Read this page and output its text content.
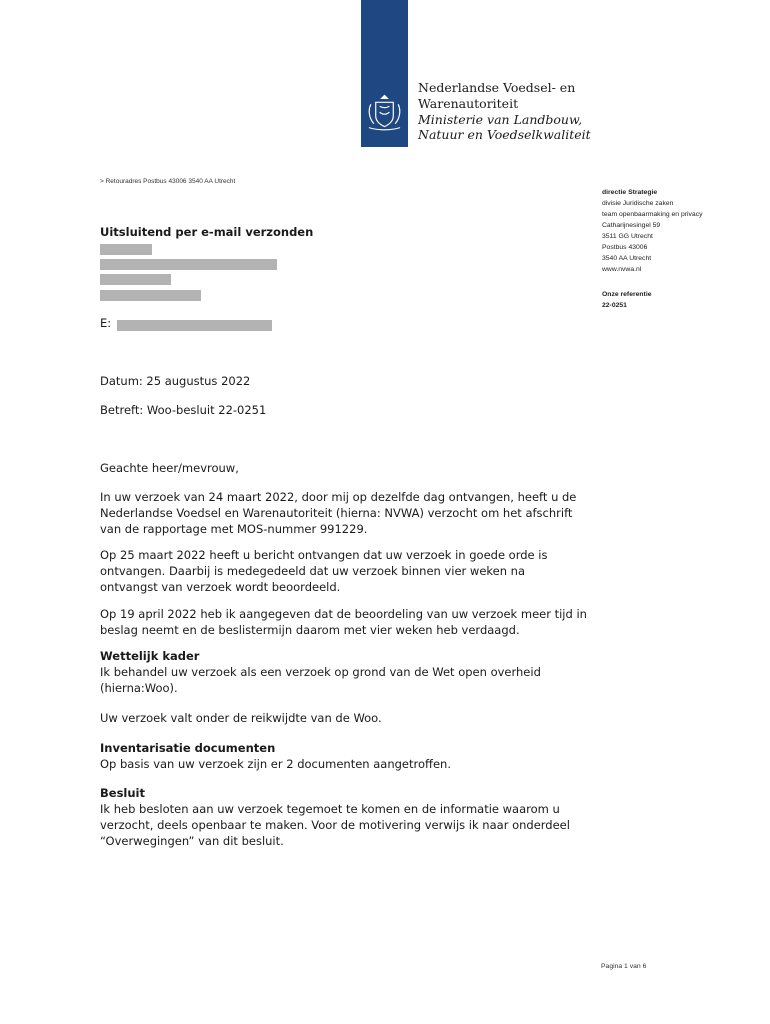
Nederlandse Voedsel- en
Warenautoriteit
Ministerie van Landbouw,
Natuur en Voedselkwaliteit
> Retouradres Postbus 43006 3540 AA Utrecht
directie Strategie
divisie Juridische zaken
team openbaarmaking en privacy
Catharijnesingel 59
3511 GG Utrecht
Postbus 43006
3540 AA Utrecht
www.nvwa.nl
Onze referentie
22-0251
Uitsluitend per e-mail verzonden
E:
Datum: 25 augustus 2022
Betreft: Woo-besluit 22-0251
Geachte heer/mevrouw,
In uw verzoek van 24 maart 2022, door mij op dezelfde dag ontvangen, heeft u de Nederlandse Voedsel en Warenautoriteit (hierna: NVWA) verzocht om het afschrift van de rapportage met MOS-nummer 991229.
Op 25 maart 2022 heeft u bericht ontvangen dat uw verzoek in goede orde is ontvangen. Daarbij is medegedeeld dat uw verzoek binnen vier weken na ontvangst van verzoek wordt beoordeeld.
Op 19 april 2022 heb ik aangegeven dat de beoordeling van uw verzoek meer tijd in beslag neemt en de beslistermijn daarom met vier weken heb verdaagd.
Wettelijk kader
Ik behandel uw verzoek als een verzoek op grond van de Wet open overheid (hierna:Woo).
Uw verzoek valt onder de reikwijdte van de Woo.
Inventarisatie documenten
Op basis van uw verzoek zijn er 2 documenten aangetroffen.
Besluit
Ik heb besloten aan uw verzoek tegemoet te komen en de informatie waarom u verzocht, deels openbaar te maken. Voor de motivering verwijs ik naar onderdeel “Overwegingen” van dit besluit.
Pagina 1 van 6
